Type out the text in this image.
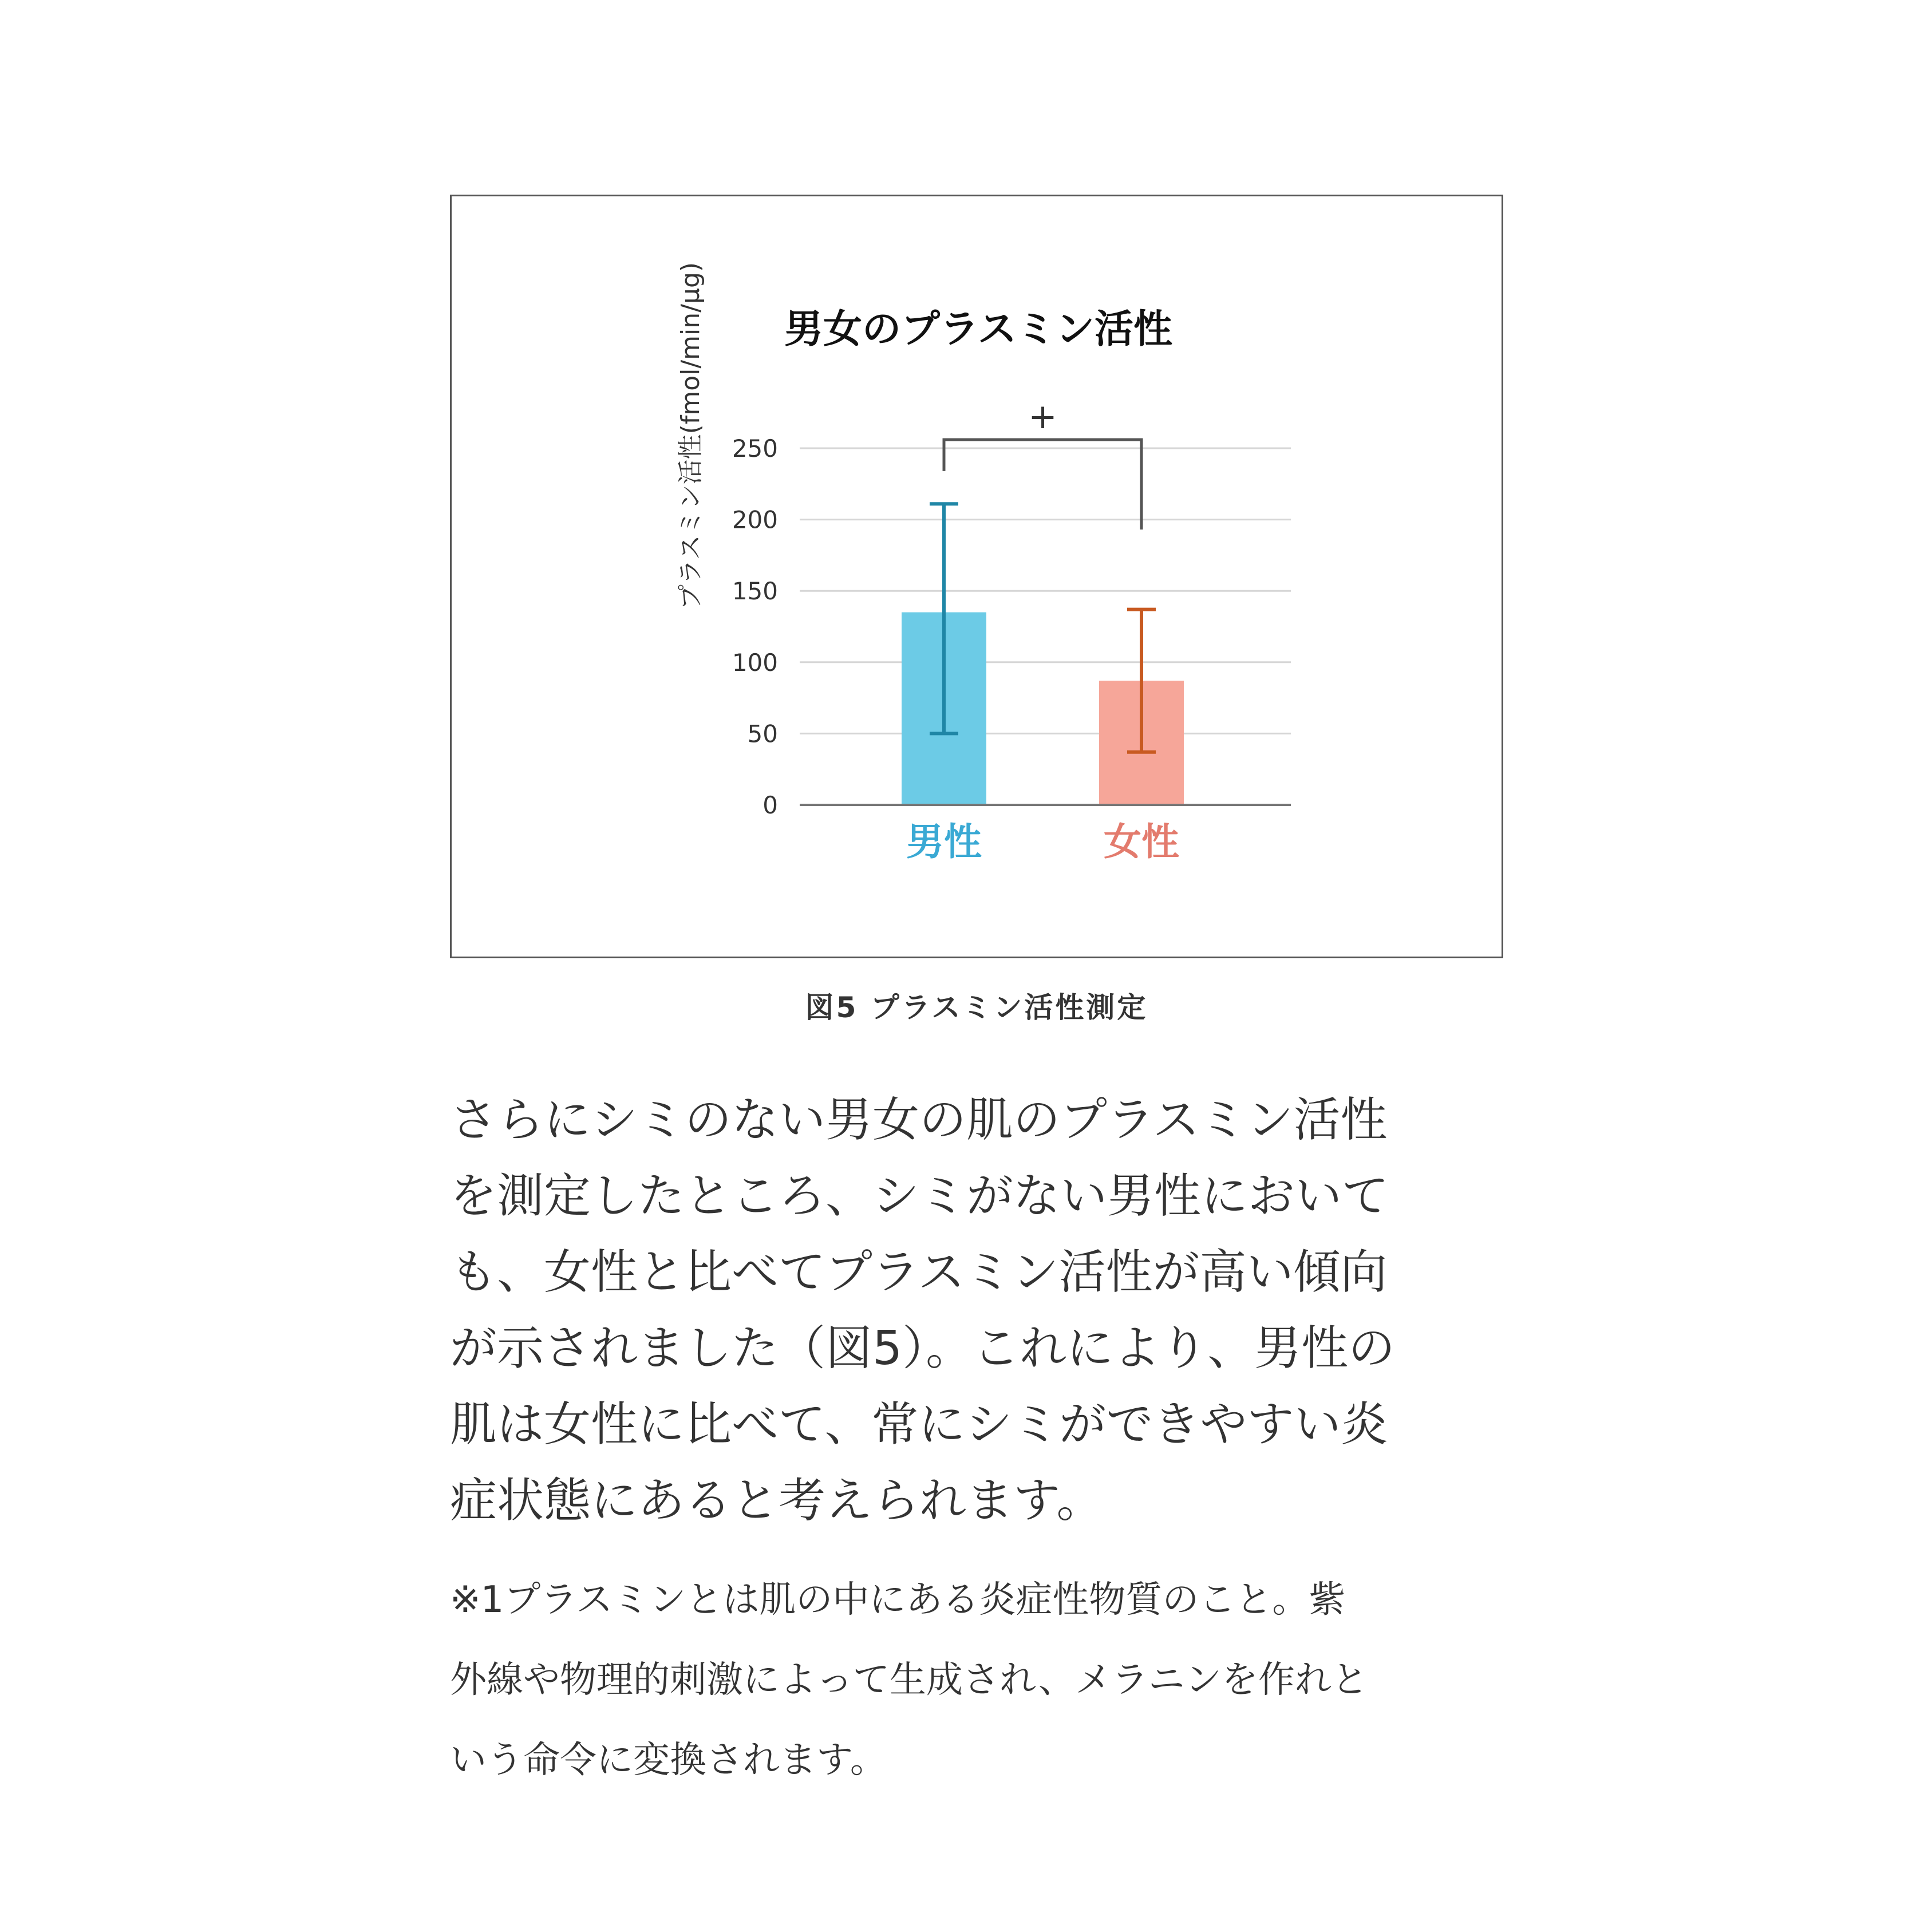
男女のプラスミン活性
プラスミン活性(fmol/min/μg)
0
50
100
150
200
250
男性	女性
+
図5 プラスミン活性測定

さらにシミのない男女の肌のプラスミン活性
を測定したところ、シミがない男性において
も、女性と比べてプラスミン活性が高い傾向
が示されました（図5）。これにより、男性の
肌は女性に比べて、常にシミができやすい炎
症状態にあると考えられます。

※1プラスミンとは肌の中にある炎症性物質のこと。紫
外線や物理的刺激によって生成され、メラニンを作れと
いう命令に変換されます。
